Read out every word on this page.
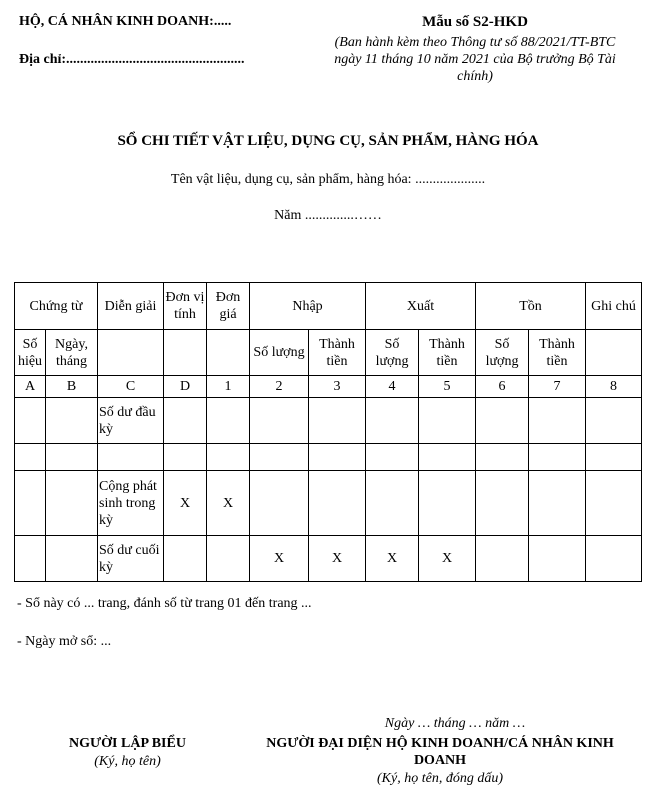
HỘ, CÁ NHÂN KINH DOANH:.....
Địa chỉ:...................................................
Mẫu số S2-HKD
(Ban hành kèm theo Thông tư số 88/2021/TT-BTC
ngày 11 tháng 10 năm 2021 của Bộ trưởng Bộ Tài
chính)
SỔ CHI TIẾT VẬT LIỆU, DỤNG CỤ, SẢN PHẨM, HÀNG HÓA
Tên vật liệu, dụng cụ, sản phẩm, hàng hóa: ....................
Năm ..............……
Chứng từ		Diễn giải	Đơn vị tính	Đơn giá	Nhập		Xuất		Tồn		Ghi chú
Số hiệu	Ngày, tháng				Số lượng	Thành tiền	Số lượng	Thành tiền	Số lượng	Thành tiền	
A	B	C	D	1	2	3	4	5	6	7	8
		Số dư đầu kỳ									

		Cộng phát sinh trong kỳ	X	X							
		Số dư cuối kỳ			X	X	X	X			
- Sổ này có ... trang, đánh số từ trang 01 đến trang ...
- Ngày mở sổ: ...
Ngày … tháng … năm …
NGƯỜI LẬP BIỂU
(Ký, họ tên)
NGƯỜI ĐẠI DIỆN HỘ KINH DOANH/CÁ NHÂN KINH
DOANH
(Ký, họ tên, đóng dấu)
